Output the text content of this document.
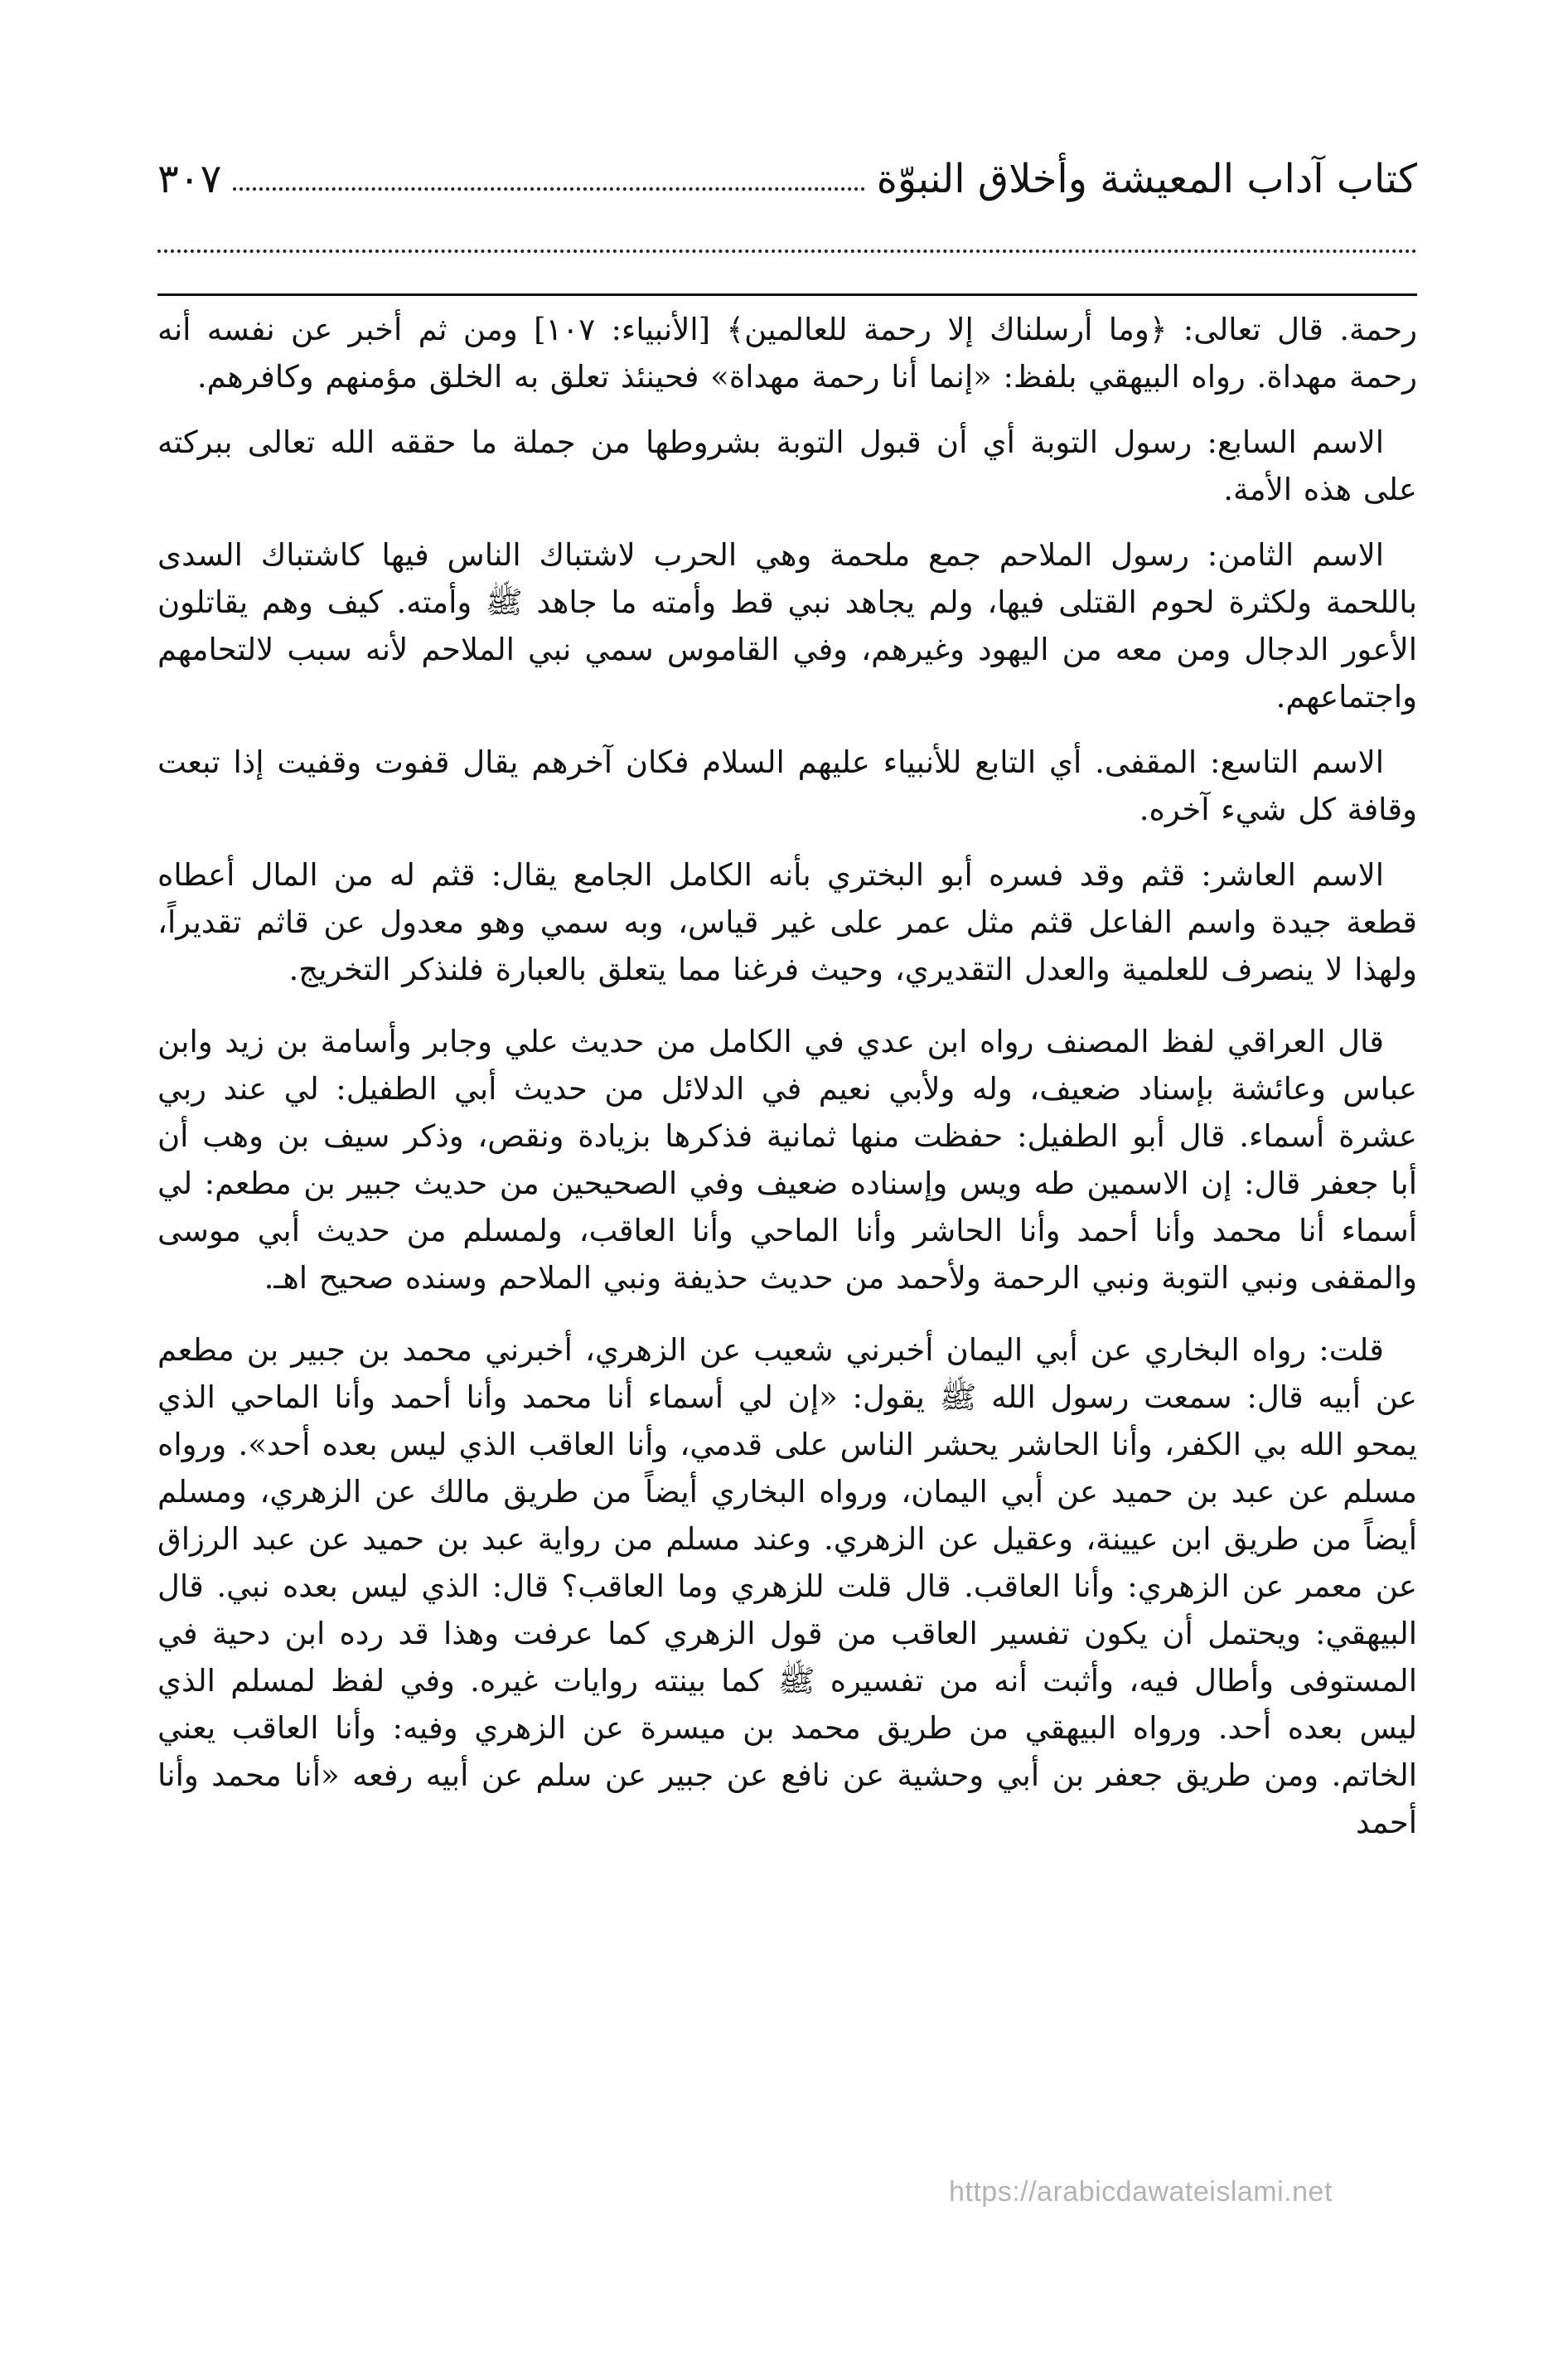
كتاب آداب المعيشة وأخلاق النبوّة
٣٠٧

رحمة. قال تعالى: ﴿وما أرسلناك إلا رحمة للعالمين﴾ [الأنبياء: ١٠٧] ومن ثم أخبر عن نفسه أنه رحمة مهداة. رواه البيهقي بلفظ: «إنما أنا رحمة مهداة» فحينئذ تعلق به الخلق مؤمنهم وكافرهم.

الاسم السابع: رسول التوبة أي أن قبول التوبة بشروطها من جملة ما حققه الله تعالى ببركته على هذه الأمة.

الاسم الثامن: رسول الملاحم جمع ملحمة وهي الحرب لاشتباك الناس فيها كاشتباك السدى باللحمة ولكثرة لحوم القتلى فيها، ولم يجاهد نبي قط وأمته ما جاهد ﷺ وأمته. كيف وهم يقاتلون الأعور الدجال ومن معه من اليهود وغيرهم، وفي القاموس سمي نبي الملاحم لأنه سبب لالتحامهم واجتماعهم.

الاسم التاسع: المقفى. أي التابع للأنبياء عليهم السلام فكان آخرهم يقال قفوت وقفيت إذا تبعت وقافة كل شيء آخره.

الاسم العاشر: قثم وقد فسره أبو البختري بأنه الكامل الجامع يقال: قثم له من المال أعطاه قطعة جيدة واسم الفاعل قثم مثل عمر على غير قياس، وبه سمي وهو معدول عن قاثم تقديراً، ولهذا لا ينصرف للعلمية والعدل التقديري، وحيث فرغنا مما يتعلق بالعبارة فلنذكر التخريج.

قال العراقي لفظ المصنف رواه ابن عدي في الكامل من حديث علي وجابر وأسامة بن زيد وابن عباس وعائشة بإسناد ضعيف، وله ولأبي نعيم في الدلائل من حديث أبي الطفيل: لي عند ربي عشرة أسماء. قال أبو الطفيل: حفظت منها ثمانية فذكرها بزيادة ونقص، وذكر سيف بن وهب أن أبا جعفر قال: إن الاسمين طه ويس وإسناده ضعيف وفي الصحيحين من حديث جبير بن مطعم: لي أسماء أنا محمد وأنا أحمد وأنا الحاشر وأنا الماحي وأنا العاقب، ولمسلم من حديث أبي موسى والمقفى ونبي التوبة ونبي الرحمة ولأحمد من حديث حذيفة ونبي الملاحم وسنده صحيح اهـ.

قلت: رواه البخاري عن أبي اليمان أخبرني شعيب عن الزهري، أخبرني محمد بن جبير بن مطعم عن أبيه قال: سمعت رسول الله ﷺ يقول: «إن لي أسماء أنا محمد وأنا أحمد وأنا الماحي الذي يمحو الله بي الكفر، وأنا الحاشر يحشر الناس على قدمي، وأنا العاقب الذي ليس بعده أحد». ورواه مسلم عن عبد بن حميد عن أبي اليمان، ورواه البخاري أيضاً من طريق مالك عن الزهري، ومسلم أيضاً من طريق ابن عيينة، وعقيل عن الزهري. وعند مسلم من رواية عبد بن حميد عن عبد الرزاق عن معمر عن الزهري: وأنا العاقب. قال قلت للزهري وما العاقب؟ قال: الذي ليس بعده نبي. قال البيهقي: ويحتمل أن يكون تفسير العاقب من قول الزهري كما عرفت وهذا قد رده ابن دحية في المستوفى وأطال فيه، وأثبت أنه من تفسيره ﷺ كما بينته روايات غيره. وفي لفظ لمسلم الذي ليس بعده أحد. ورواه البيهقي من طريق محمد بن ميسرة عن الزهري وفيه: وأنا العاقب يعني الخاتم. ومن طريق جعفر بن أبي وحشية عن نافع عن جبير عن سلم عن أبيه رفعه «أنا محمد وأنا أحمد

https://arabicdawateislami.net
